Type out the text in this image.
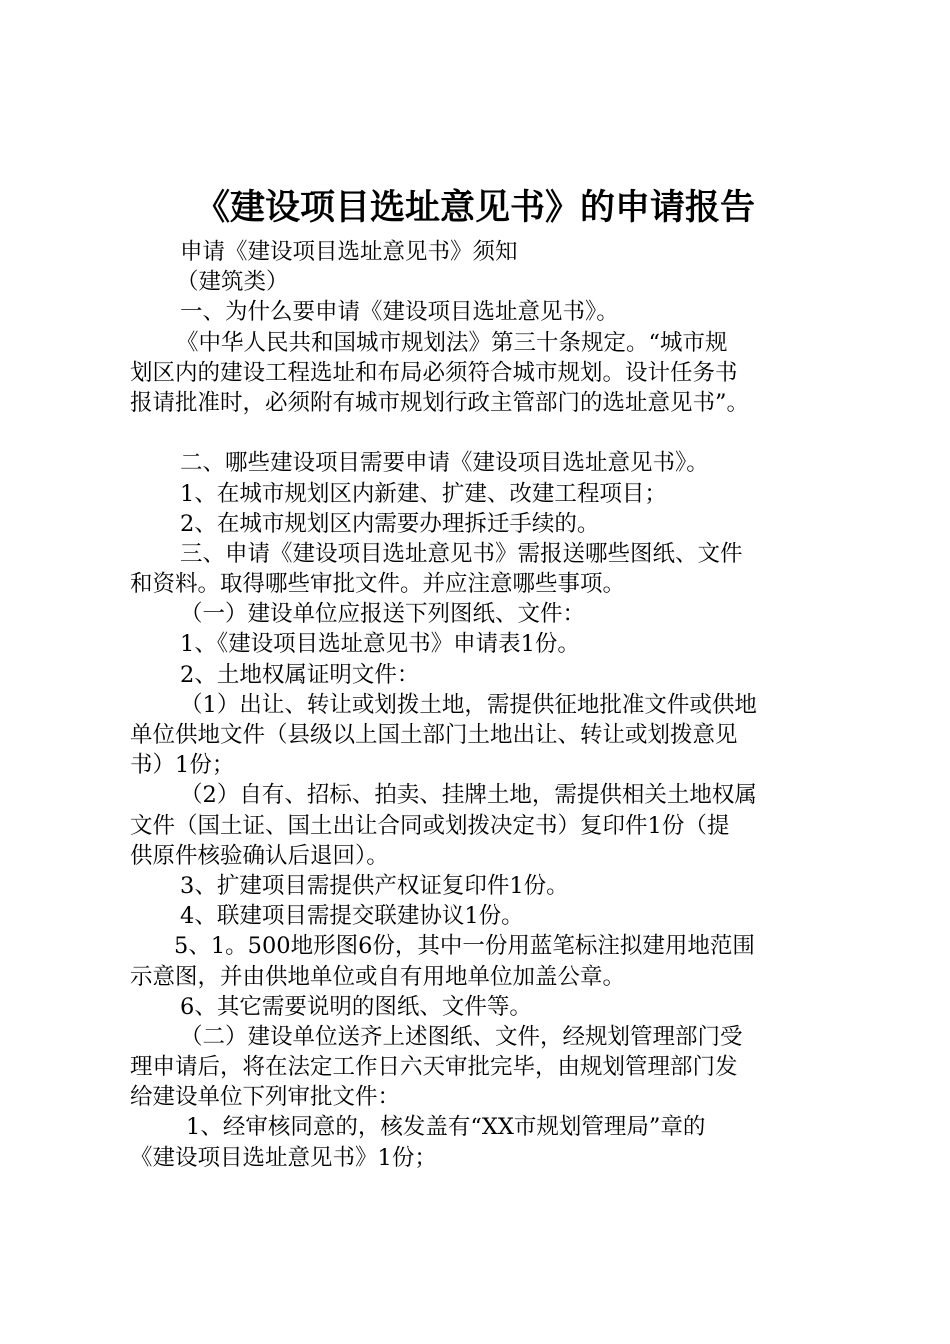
《建设项目选址意见书》的申请报告
申请《建设项目选址意见书》须知
（建筑类）
一、为什么要申请《建设项目选址意见书》。
《中华人民共和国城市规划法》第三十条规定。“城市规
划区内的建设工程选址和布局必须符合城市规划。设计任务书
报请批准时，必须附有城市规划行政主管部门的选址意见书”。
二、哪些建设项目需要申请《建设项目选址意见书》。
1、在城市规划区内新建、扩建、改建工程项目；
2、在城市规划区内需要办理拆迁手续的。
三、申请《建设项目选址意见书》需报送哪些图纸、文件
和资料。取得哪些审批文件。并应注意哪些事项。
（一）建设单位应报送下列图纸、文件：
1、《建设项目选址意见书》申请表1份。
2、土地权属证明文件：
（1）出让、转让或划拨土地，需提供征地批准文件或供地
单位供地文件（县级以上国土部门土地出让、转让或划拨意见
书）1份；
（2）自有、招标、拍卖、挂牌土地，需提供相关土地权属
文件（国土证、国土出让合同或划拨决定书）复印件1份（提
供原件核验确认后退回）。
3、扩建项目需提供产权证复印件1份。
4、联建项目需提交联建协议1份。
5、1。500地形图6份，其中一份用蓝笔标注拟建用地范围
示意图，并由供地单位或自有用地单位加盖公章。
6、其它需要说明的图纸、文件等。
（二）建设单位送齐上述图纸、文件，经规划管理部门受
理申请后，将在法定工作日六天审批完毕，由规划管理部门发
给建设单位下列审批文件：
1、经审核同意的，核发盖有“XX市规划管理局”章的
《建设项目选址意见书》1份；
